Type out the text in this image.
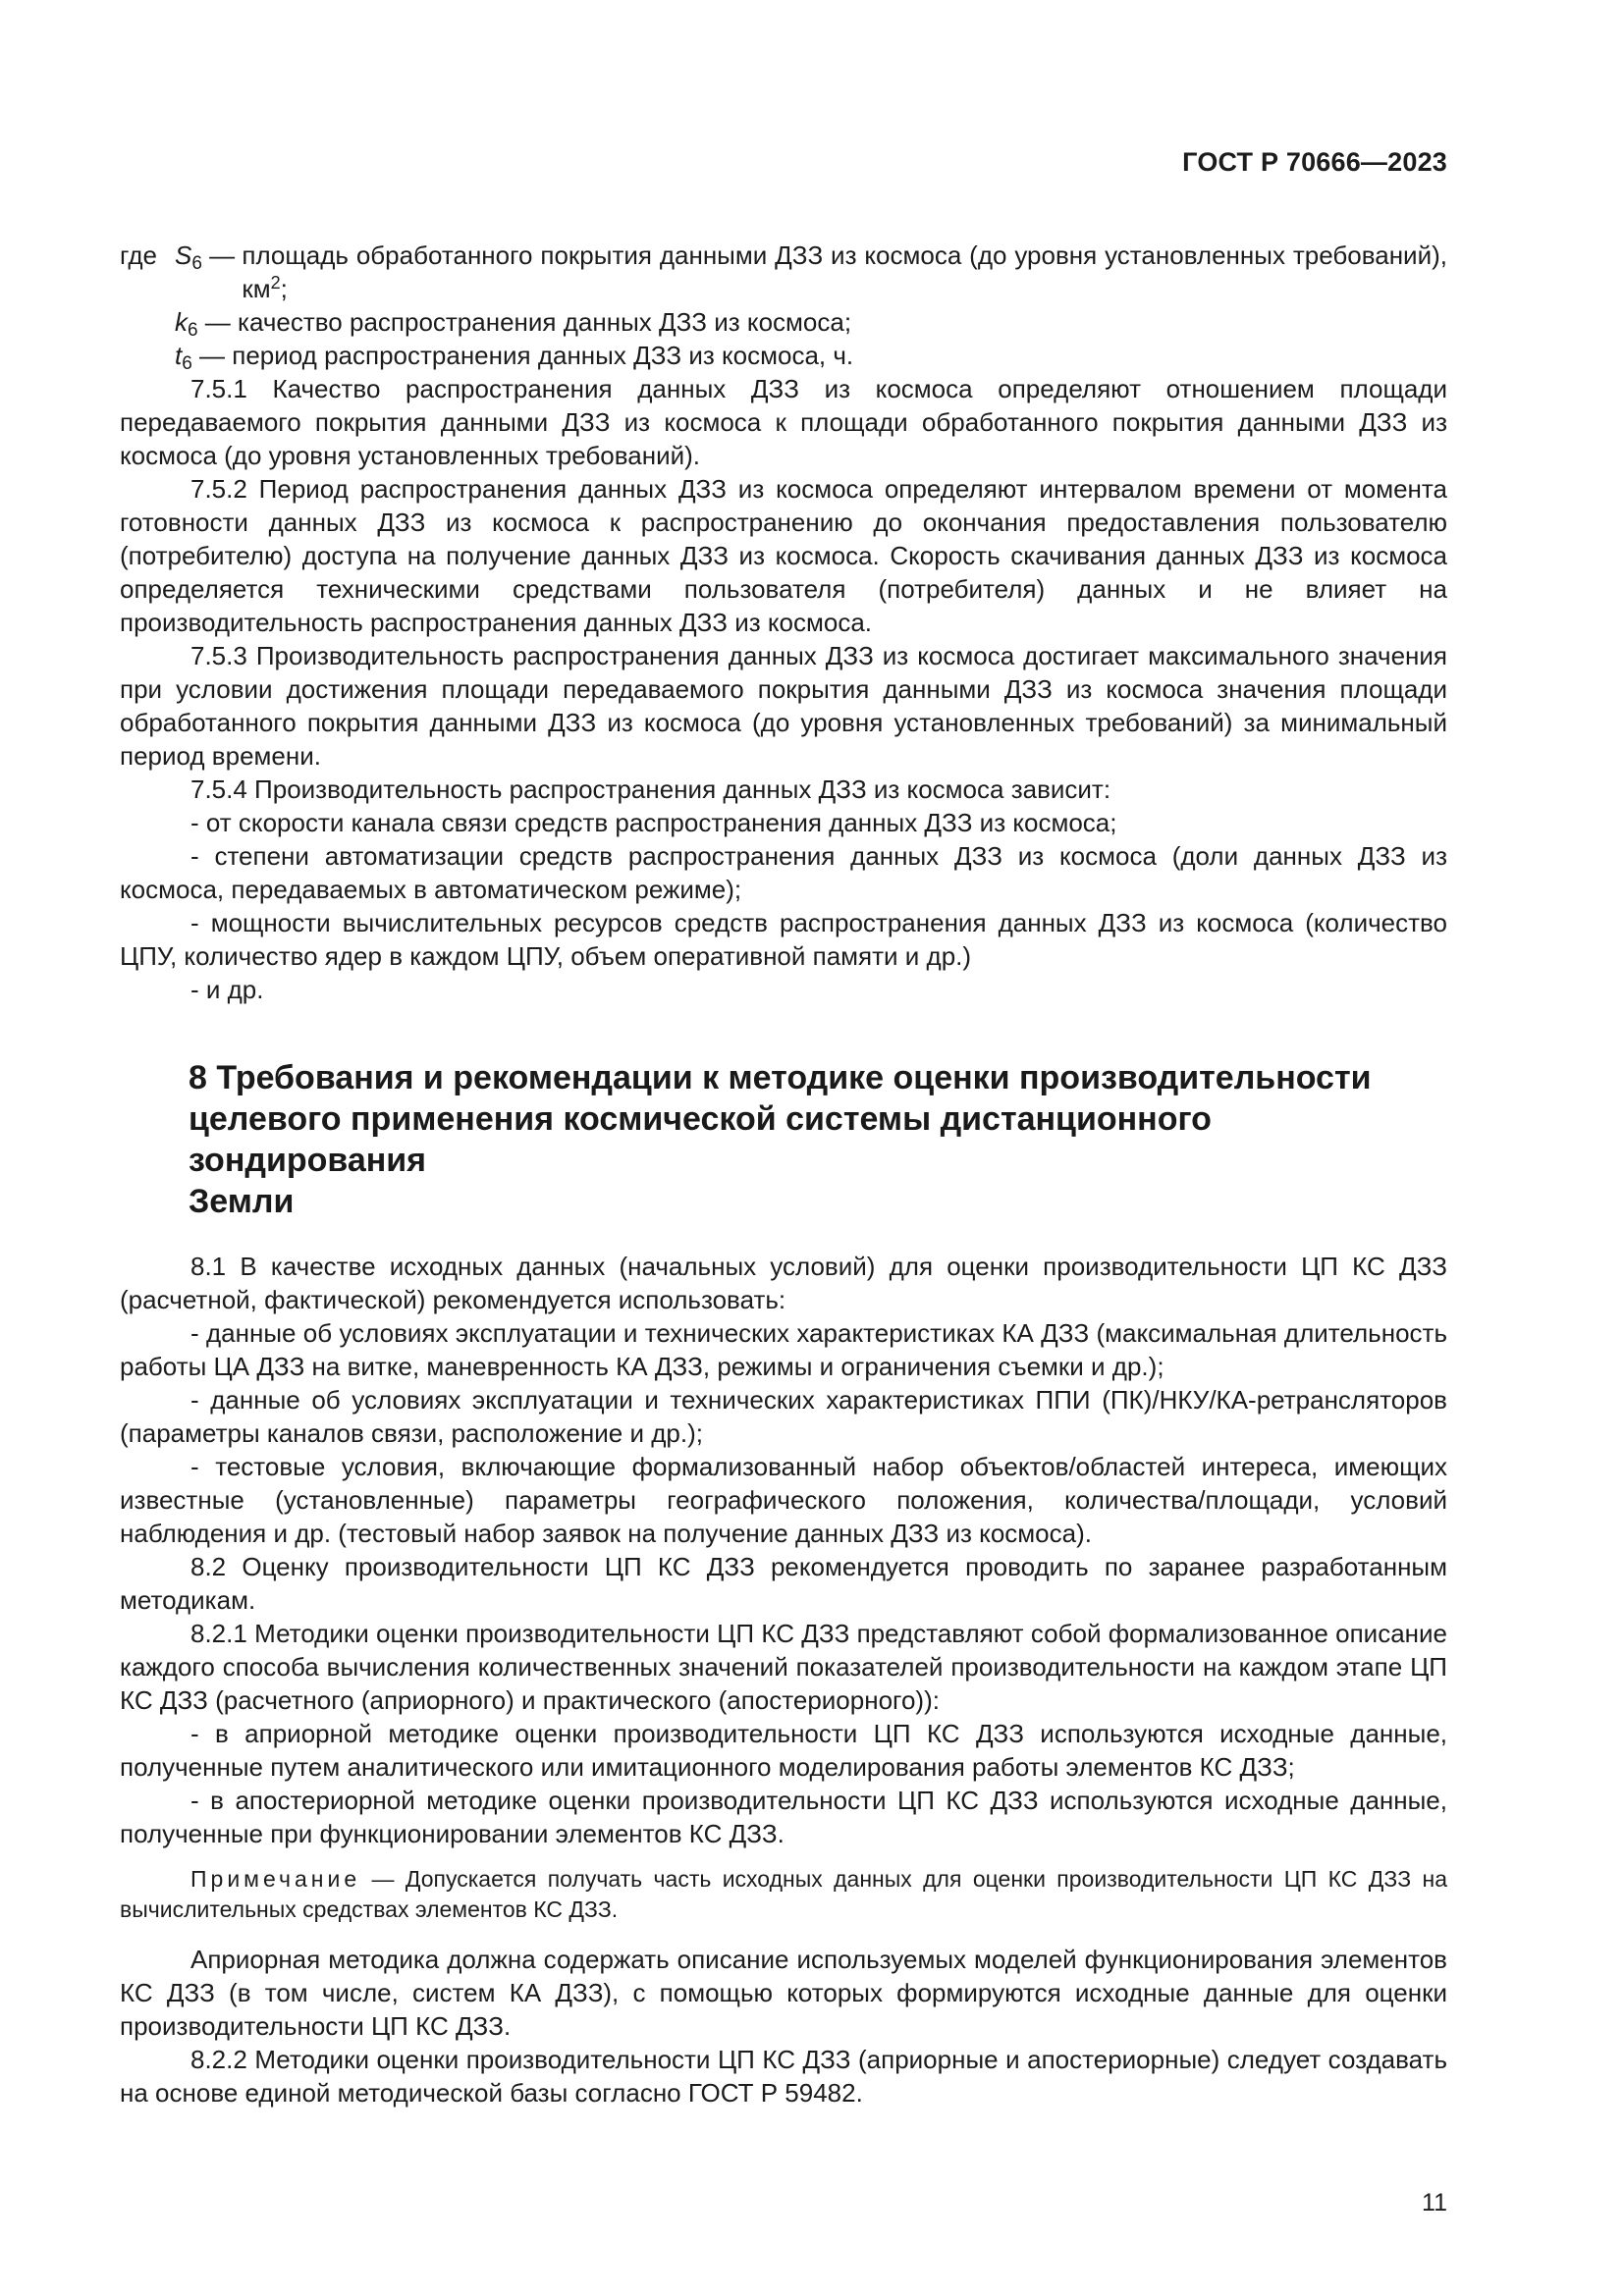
ГОСТ Р 70666—2023
где $S_6$ — площадь обработанного покрытия данными ДЗЗ из космоса (до уровня установленных требований), $км^2$;
$k_6$ — качество распространения данных ДЗЗ из космоса;
$t_6$ — период распространения данных ДЗЗ из космоса, ч.

7.5.1 Качество распространения данных ДЗЗ из космоса определяют отношением площади передаваемого покрытия данными ДЗЗ из космоса к площади обработанного покрытия данными ДЗЗ из космоса (до уровня установленных требований).

7.5.2 Период распространения данных ДЗЗ из космоса определяют интервалом времени от момента готовности данных ДЗЗ из космоса к распространению до окончания предоставления пользователю (потребителю) доступа на получение данных ДЗЗ из космоса. Скорость скачивания данных ДЗЗ из космоса определяется техническими средствами пользователя (потребителя) данных и не влияет на производительность распространения данных ДЗЗ из космоса.

7.5.3 Производительность распространения данных ДЗЗ из космоса достигает максимального значения при условии достижения площади передаваемого покрытия данными ДЗЗ из космоса значения площади обработанного покрытия данными ДЗЗ из космоса (до уровня установленных требований) за минимальный период времени.

7.5.4 Производительность распространения данных ДЗЗ из космоса зависит:

- от скорости канала связи средств распространения данных ДЗЗ из космоса;

- степени автоматизации средств распространения данных ДЗЗ из космоса (доли данных ДЗЗ из космоса, передаваемых в автоматическом режиме);

- мощности вычислительных ресурсов средств распространения данных ДЗЗ из космоса (количество ЦПУ, количество ядер в каждом ЦПУ, объем оперативной памяти и др.)

- и др.

8 Требования и рекомендации к методике оценки производительности
целевого применения космической системы дистанционного зондирования
Земли

8.1 В качестве исходных данных (начальных условий) для оценки производительности ЦП КС ДЗЗ (расчетной, фактической) рекомендуется использовать:

- данные об условиях эксплуатации и технических характеристиках КА ДЗЗ (максимальная длительность работы ЦА ДЗЗ на витке, маневренность КА ДЗЗ, режимы и ограничения съемки и др.);

- данные об условиях эксплуатации и технических характеристиках ППИ (ПК)/НКУ/КА-ретрансляторов (параметры каналов связи, расположение и др.);

- тестовые условия, включающие формализованный набор объектов/областей интереса, имеющих известные (установленные) параметры географического положения, количества/площади, условий наблюдения и др. (тестовый набор заявок на получение данных ДЗЗ из космоса).

8.2 Оценку производительности ЦП КС ДЗЗ рекомендуется проводить по заранее разработанным методикам.

8.2.1 Методики оценки производительности ЦП КС ДЗЗ представляют собой формализованное описание каждого способа вычисления количественных значений показателей производительности на каждом этапе ЦП КС ДЗЗ (расчетного (априорного) и практического (апостериорного)):

- в априорной методике оценки производительности ЦП КС ДЗЗ используются исходные данные, полученные путем аналитического или имитационного моделирования работы элементов КС ДЗЗ;

- в апостериорной методике оценки производительности ЦП КС ДЗЗ используются исходные данные, полученные при функционировании элементов КС ДЗЗ.

Примечание — Допускается получать часть исходных данных для оценки производительности ЦП КС ДЗЗ на вычислительных средствах элементов КС ДЗЗ.

Априорная методика должна содержать описание используемых моделей функционирования элементов КС ДЗЗ (в том числе, систем КА ДЗЗ), с помощью которых формируются исходные данные для оценки производительности ЦП КС ДЗЗ.

8.2.2 Методики оценки производительности ЦП КС ДЗЗ (априорные и апостериорные) следует создавать на основе единой методической базы согласно ГОСТ Р 59482.

11
